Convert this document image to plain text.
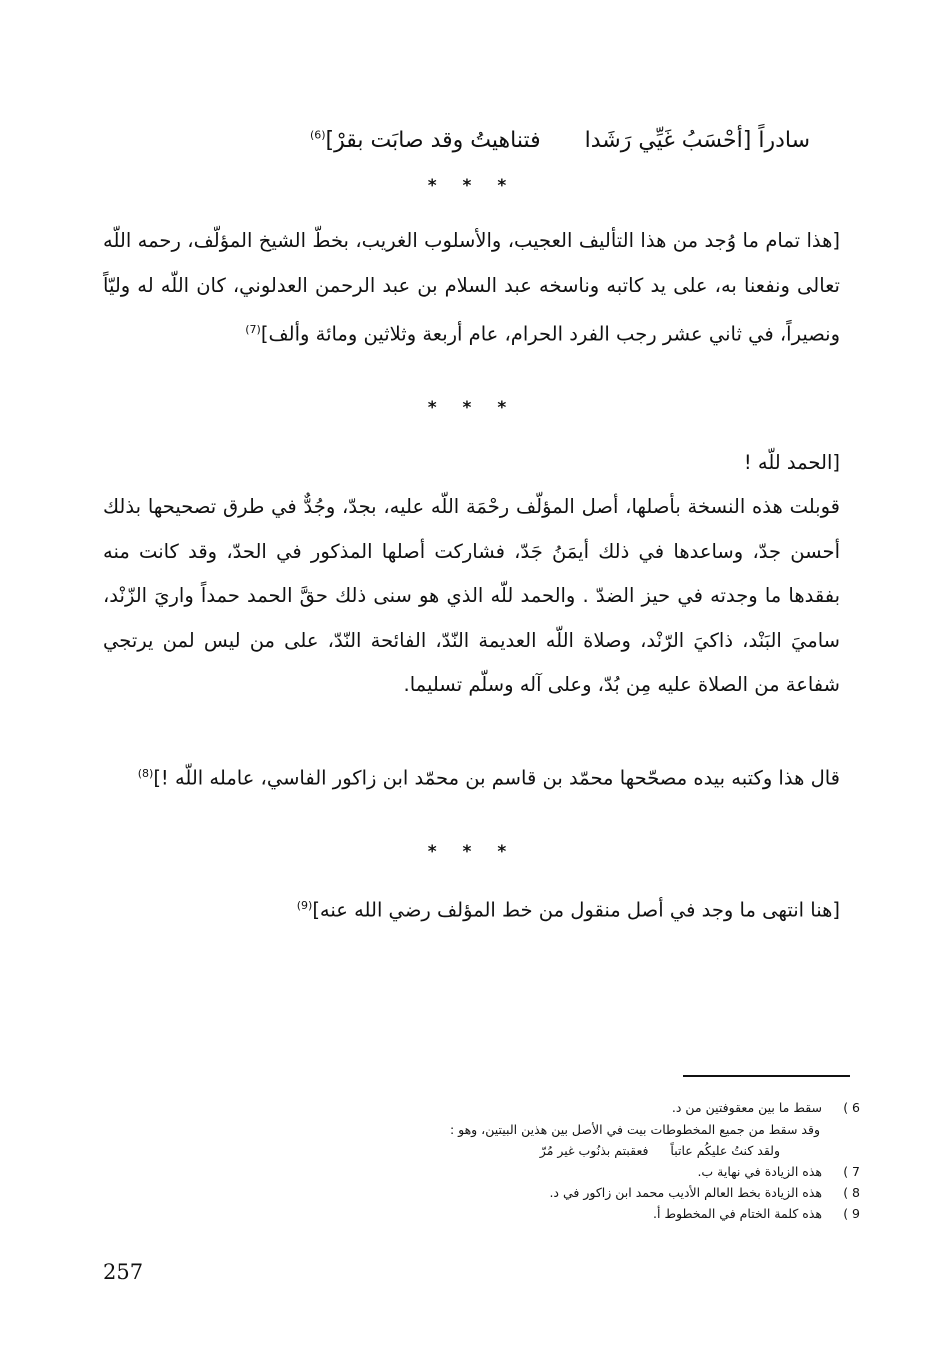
سادراً [أحْسَبُ غَيِّي رَشَدا
فتناهيتُ وقد صابَت بقرْ]$^{(6)}$
* * *
[هذا تمام ما وُجد من هذا التأليف العجيب، والأسلوب الغريب، بخطّ الشيخ المؤلّف، رحمه اللّه تعالى ونفعنا به، على يد كاتبه وناسخه عبد السلام بن عبد الرحمن العدلوني، كان اللّه له وليّاً ونصيراً، في ثاني عشر رجب الفرد الحرام، عام أربعة وثلاثين ومائة وألف]$^{(7)}$
* * *
[الحمد للّه !
قوبلت هذه النسخة بأصلها، أصل المؤلّف رحْمَة اللّه عليه، بجدّ، وجُدٌّ في طرق تصحيحها بذلك أحسن جدّ، وساعدها في ذلك أيمَنُ جَدّ، فشاركت أصلها المذكور في الحدّ، وقد كانت منه بفقدها ما وجدته في حيز الضدّ . والحمد للّه الذي هو سنى ذلك حقَّ الحمد حمداً واريَ الزّنْد، ساميَ البَنْد، ذاكيَ الرّنْد، وصلاة اللّه العديمة النّدّ، الفائحة النّدّ، على من ليس لمن يرتجي شفاعة من الصلاة عليه مِن بُدّ، وعلى آله وسلّم تسليما.
قال هذا وكتبه بيده مصحّحها محمّد بن قاسم بن محمّد ابن زاكور الفاسي، عامله اللّه !]$^{(8)}$
* * *
[هنا انتهى ما وجد في أصل منقول من خط المؤلف رضي الله عنه]$^{(9)}$
6 )
سقط ما بين معقوفتين من د.
وقد سقط من جميع المخطوطات بيت في الأصل بين هذين البيتين، وهو :
ولقد كنتُ عليكُم عاتباً  فعقبتم بذنُوب غير مُرّ
7 )
هذه الزيادة في نهاية ب.
8 )
هذه الزيادة بخط العالم الأديب محمد ابن زاكور في د.
9 )
هذه كلمة الختام في المخطوط أ.
257
